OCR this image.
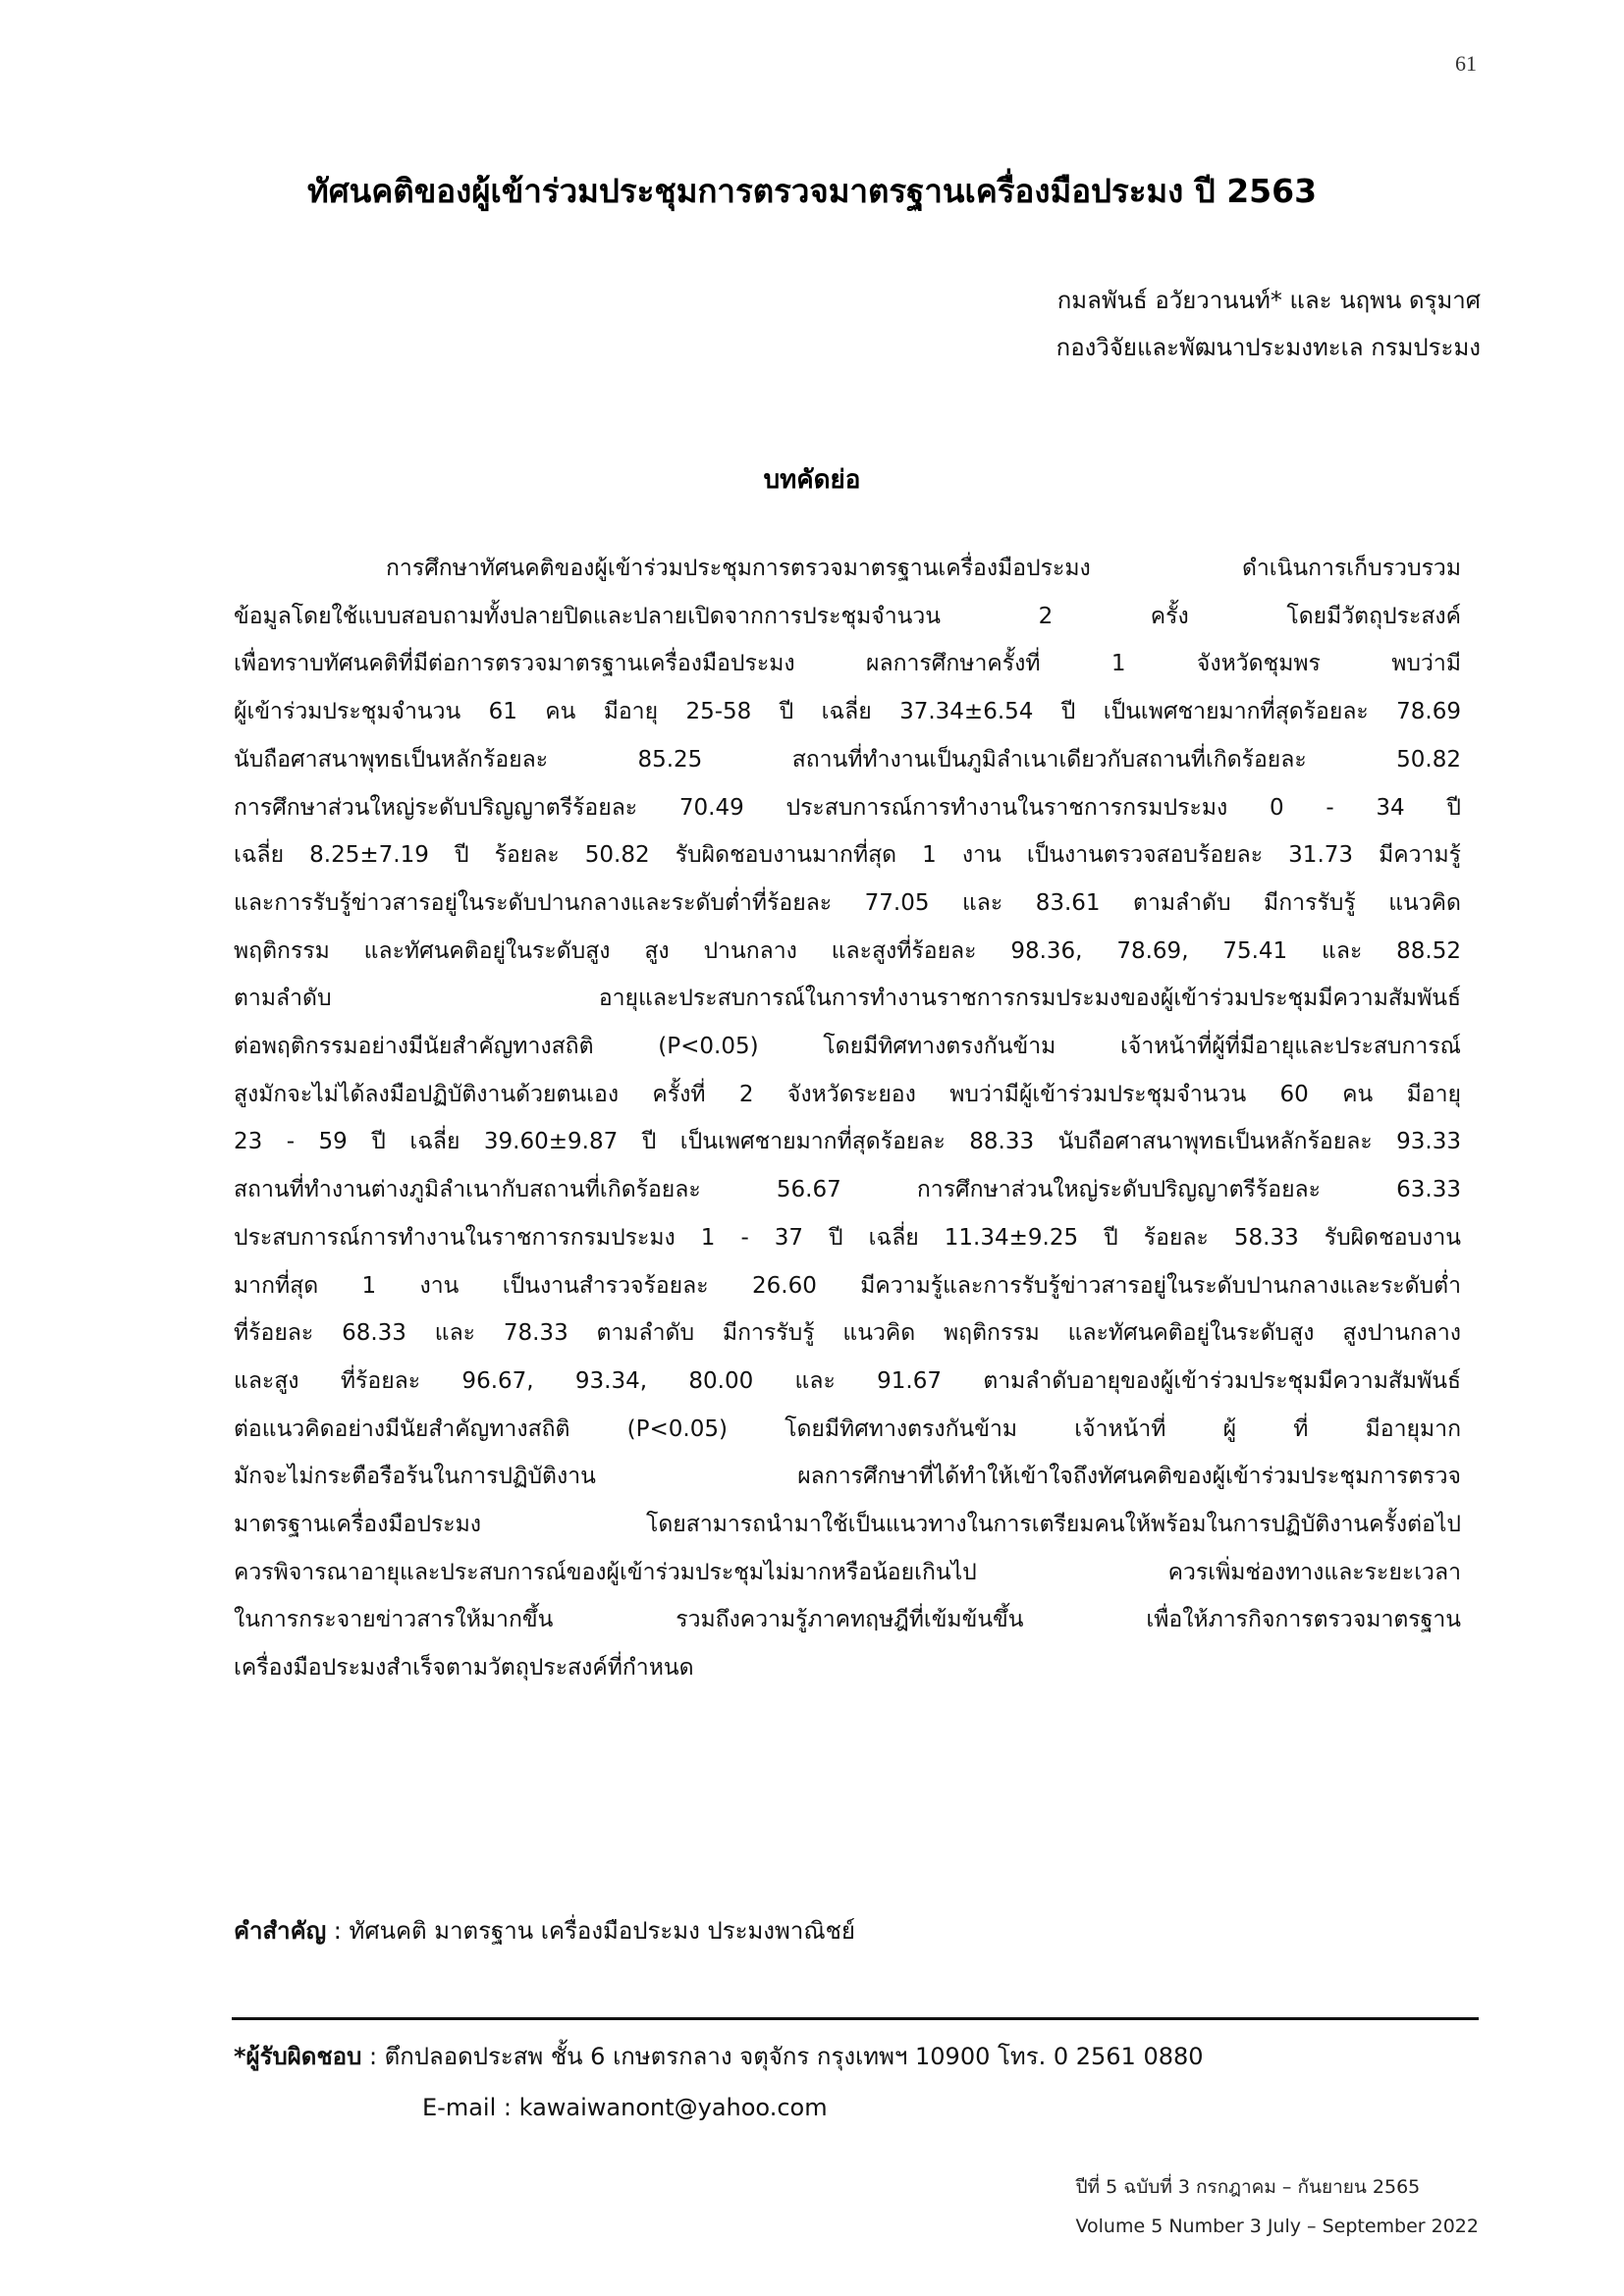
61
ทัศนคติของผู้เข้าร่วมประชุมการตรวจมาตรฐานเครื่องมือประมง ปี 2563
กมลพันธ์ อวัยวานนท์* และ นฤพน ดรุมาศ
กองวิจัยและพัฒนาประมงทะเล กรมประมง
บทคัดย่อ
การศึกษาทัศนคติของผู้เข้าร่วมประชุมการตรวจมาตรฐานเครื่องมือประมง ดำเนินการเก็บรวบรวม
ข้อมูลโดยใช้แบบสอบถามทั้งปลายปิดและปลายเปิดจากการประชุมจำนวน 2 ครั้ง โดยมีวัตถุประสงค์
เพื่อทราบทัศนคติที่มีต่อการตรวจมาตรฐานเครื่องมือประมง ผลการศึกษาครั้งที่ 1 จังหวัดชุมพร พบว่ามี
ผู้เข้าร่วมประชุมจำนวน 61 คน มีอายุ 25-58 ปี เฉลี่ย 37.34±6.54 ปี เป็นเพศชายมากที่สุดร้อยละ 78.69
นับถือศาสนาพุทธเป็นหลักร้อยละ 85.25 สถานที่ทำงานเป็นภูมิลำเนาเดียวกับสถานที่เกิดร้อยละ 50.82
การศึกษาส่วนใหญ่ระดับปริญญาตรีร้อยละ 70.49 ประสบการณ์การทำงานในราชการกรมประมง 0 - 34 ปี
เฉลี่ย 8.25±7.19 ปี ร้อยละ 50.82 รับผิดชอบงานมากที่สุด 1 งาน เป็นงานตรวจสอบร้อยละ 31.73 มีความรู้
และการรับรู้ข่าวสารอยู่ในระดับปานกลางและระดับต่ำที่ร้อยละ 77.05 และ 83.61 ตามลำดับ มีการรับรู้ แนวคิด
พฤติกรรม และทัศนคติอยู่ในระดับสูง สูง ปานกลาง และสูงที่ร้อยละ 98.36, 78.69, 75.41 และ 88.52
ตามลำดับ อายุและประสบการณ์ในการทำงานราชการกรมประมงของผู้เข้าร่วมประชุมมีความสัมพันธ์
ต่อพฤติกรรมอย่างมีนัยสำคัญทางสถิติ (P<0.05) โดยมีทิศทางตรงกันข้าม เจ้าหน้าที่ผู้ที่มีอายุและประสบการณ์
สูงมักจะไม่ได้ลงมือปฏิบัติงานด้วยตนเอง ครั้งที่ 2 จังหวัดระยอง พบว่ามีผู้เข้าร่วมประชุมจำนวน 60 คน มีอายุ
23 - 59 ปี เฉลี่ย 39.60±9.87 ปี เป็นเพศชายมากที่สุดร้อยละ 88.33 นับถือศาสนาพุทธเป็นหลักร้อยละ 93.33
สถานที่ทำงานต่างภูมิลำเนากับสถานที่เกิดร้อยละ 56.67 การศึกษาส่วนใหญ่ระดับปริญญาตรีร้อยละ 63.33
ประสบการณ์การทำงานในราชการกรมประมง 1 - 37 ปี เฉลี่ย 11.34±9.25 ปี ร้อยละ 58.33 รับผิดชอบงาน
มากที่สุด 1 งาน เป็นงานสำรวจร้อยละ 26.60 มีความรู้และการรับรู้ข่าวสารอยู่ในระดับปานกลางและระดับต่ำ
ที่ร้อยละ 68.33 และ 78.33 ตามลำดับ มีการรับรู้ แนวคิด พฤติกรรม และทัศนคติอยู่ในระดับสูง สูงปานกลาง
และสูง ที่ร้อยละ 96.67, 93.34, 80.00 และ 91.67 ตามลำดับอายุของผู้เข้าร่วมประชุมมีความสัมพันธ์
ต่อแนวคิดอย่างมีนัยสำคัญทางสถิติ (P<0.05) โดยมีทิศทางตรงกันข้าม เจ้าหน้าที่ ผู้ ที่ มีอายุมาก
มักจะไม่กระตือรือร้นในการปฏิบัติงาน ผลการศึกษาที่ได้ทำให้เข้าใจถึงทัศนคติของผู้เข้าร่วมประชุมการตรวจ
มาตรฐานเครื่องมือประมง โดยสามารถนำมาใช้เป็นแนวทางในการเตรียมคนให้พร้อมในการปฏิบัติงานครั้งต่อไป
ควรพิจารณาอายุและประสบการณ์ของผู้เข้าร่วมประชุมไม่มากหรือน้อยเกินไป ควรเพิ่มช่องทางและระยะเวลา
ในการกระจายข่าวสารให้มากขึ้น รวมถึงความรู้ภาคทฤษฎีที่เข้มข้นขึ้น เพื่อให้ภารกิจการตรวจมาตรฐาน
เครื่องมือประมงสำเร็จตามวัตถุประสงค์ที่กำหนด
คำสำคัญ : ทัศนคติ มาตรฐาน เครื่องมือประมง ประมงพาณิชย์
*ผู้รับผิดชอบ : ตึกปลอดประสพ ชั้น 6 เกษตรกลาง จตุจักร กรุงเทพฯ 10900 โทร. 0 2561 0880
E-mail : kawaiwanont@yahoo.com
ปีที่ 5 ฉบับที่ 3 กรกฎาคม – กันยายน 2565
Volume 5 Number 3 July – September 2022
